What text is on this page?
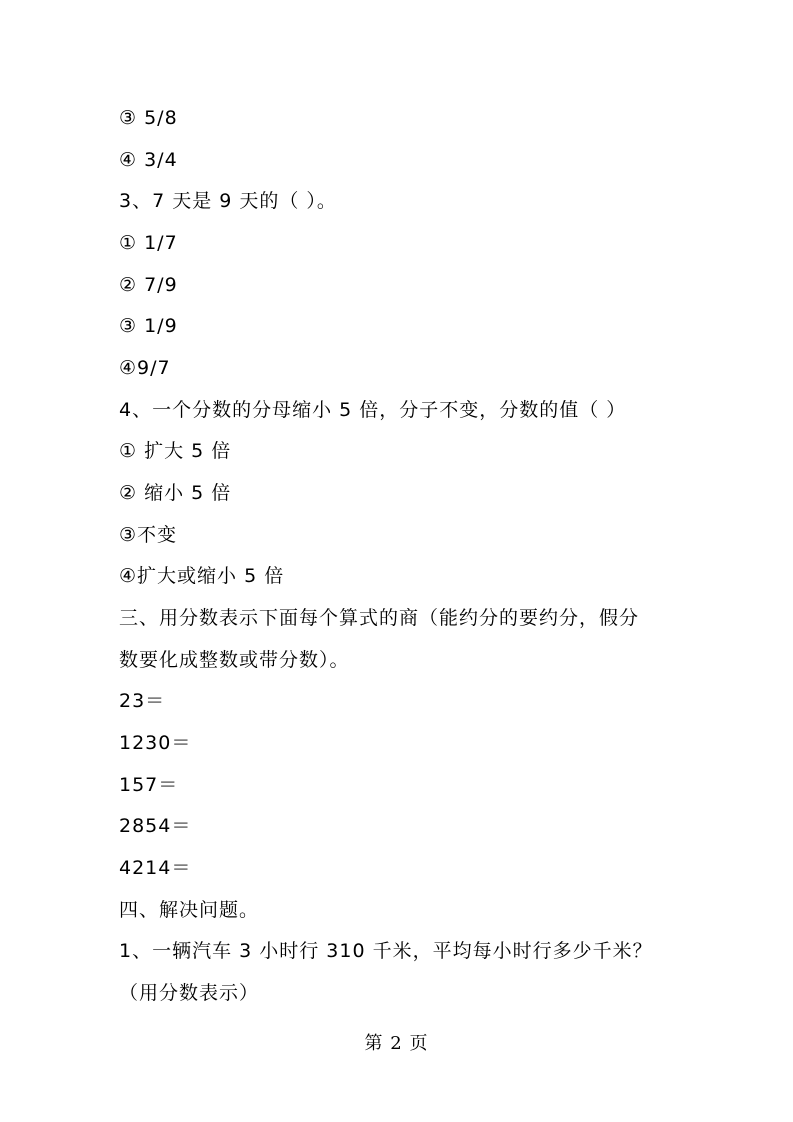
③ 5/8

④ 3/4

3、7 天是 9 天的（ ）。

① 1/7

② 7/9

③ 1/9

④9/7

4、一个分数的分母缩小 5 倍，分子不变，分数的值（ ）

① 扩大 5 倍

② 缩小 5 倍

③不变

④扩大或缩小 5 倍

三、用分数表示下面每个算式的商（能约分的要约分，假分

数要化成整数或带分数）。

23＝

1230＝

157＝

2854＝

4214＝

四、解决问题。

1、一辆汽车 3 小时行 310 千米，平均每小时行多少千米？

（用分数表示）

第 2 页
